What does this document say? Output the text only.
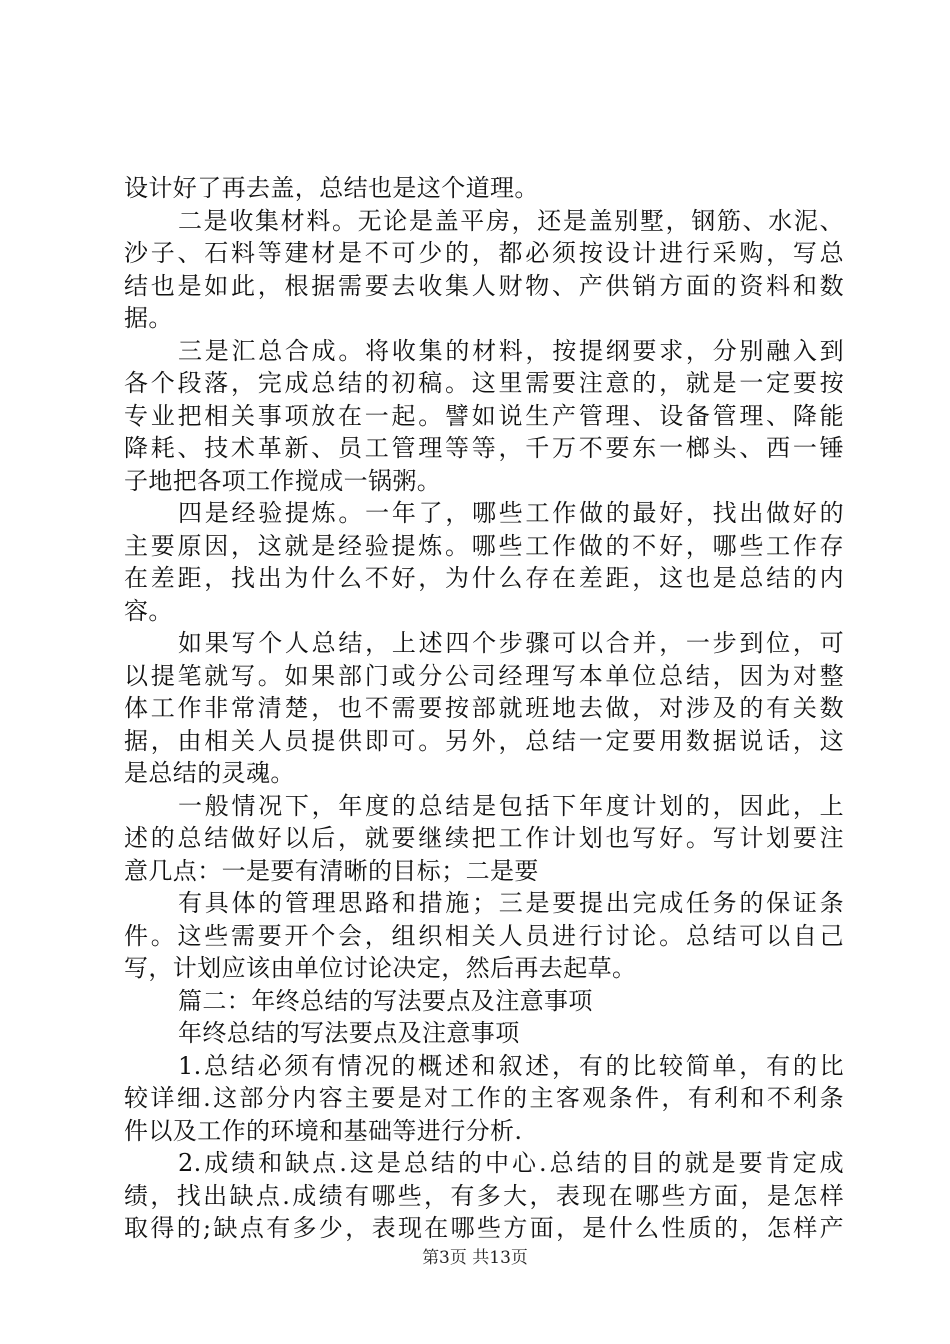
设计好了再去盖，总结也是这个道理。
二是收集材料。无论是盖平房，还是盖别墅，钢筋、水泥、
沙子、石料等建材是不可少的，都必须按设计进行采购，写总
结也是如此，根据需要去收集人财物、产供销方面的资料和数
据。
三是汇总合成。将收集的材料，按提纲要求，分别融入到
各个段落，完成总结的初稿。这里需要注意的，就是一定要按
专业把相关事项放在一起。譬如说生产管理、设备管理、降能
降耗、技术革新、员工管理等等，千万不要东一榔头、西一锤
子地把各项工作搅成一锅粥。
四是经验提炼。一年了，哪些工作做的最好，找出做好的
主要原因，这就是经验提炼。哪些工作做的不好，哪些工作存
在差距，找出为什么不好，为什么存在差距，这也是总结的内
容。
如果写个人总结，上述四个步骤可以合并，一步到位，可
以提笔就写。如果部门或分公司经理写本单位总结，因为对整
体工作非常清楚，也不需要按部就班地去做，对涉及的有关数
据，由相关人员提供即可。另外，总结一定要用数据说话，这
是总结的灵魂。
一般情况下，年度的总结是包括下年度计划的，因此，上
述的总结做好以后，就要继续把工作计划也写好。写计划要注
意几点：一是要有清晰的目标；二是要
有具体的管理思路和措施；三是要提出完成任务的保证条
件。这些需要开个会，组织相关人员进行讨论。总结可以自己
写，计划应该由单位讨论决定，然后再去起草。
篇二：年终总结的写法要点及注意事项
年终总结的写法要点及注意事项
1.总结必须有情况的概述和叙述，有的比较简单，有的比
较详细.这部分内容主要是对工作的主客观条件，有利和不利条
件以及工作的环境和基础等进行分析.
2.成绩和缺点.这是总结的中心.总结的目的就是要肯定成
绩，找出缺点.成绩有哪些，有多大，表现在哪些方面，是怎样
取得的;缺点有多少，表现在哪些方面，是什么性质的，怎样产
第3页 共13页
